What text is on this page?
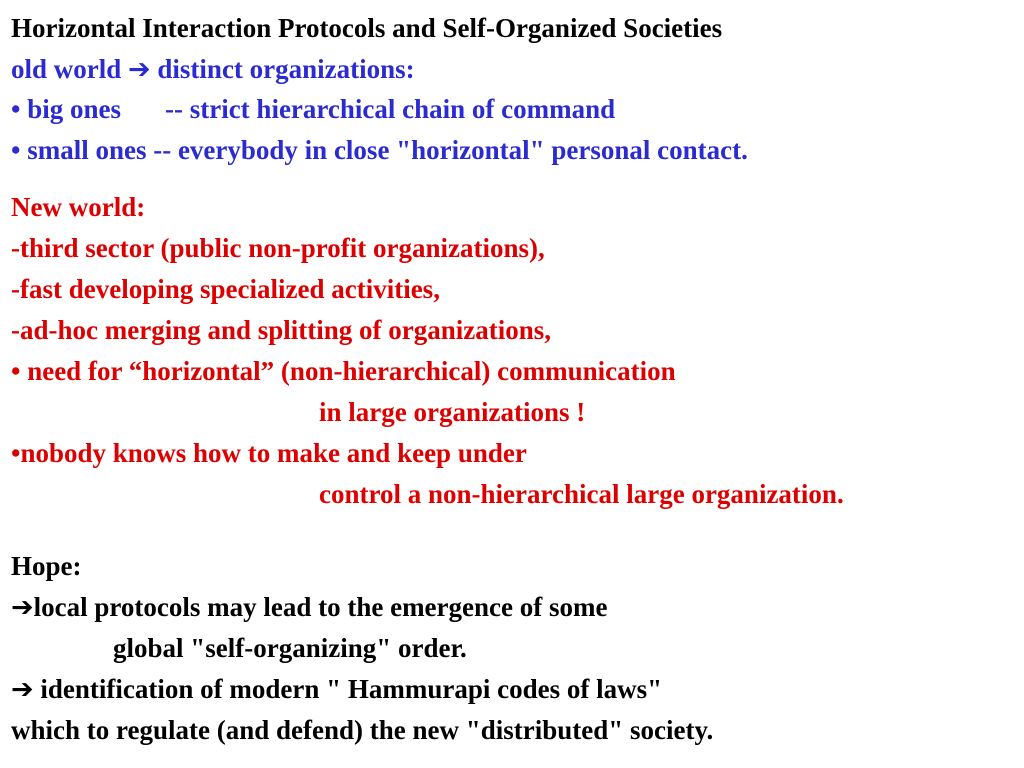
Horizontal Interaction Protocols and Self-Organized Societies
old world ➔ distinct organizations:
• big ones -- strict hierarchical chain of command
• small ones -- everybody in close "horizontal" personal contact.
New world:
-third sector (public non-profit organizations),
-fast developing specialized activities,
-ad-hoc merging and splitting of organizations,
• need for “horizontal” (non-hierarchical) communication
in large organizations !
•nobody knows how to make and keep under
control a non-hierarchical large organization.
Hope:
➔local protocols may lead to the emergence of some
global "self-organizing" order.
➔ identification of modern " Hammurapi codes of laws"
which to regulate (and defend) the new "distributed" society.
